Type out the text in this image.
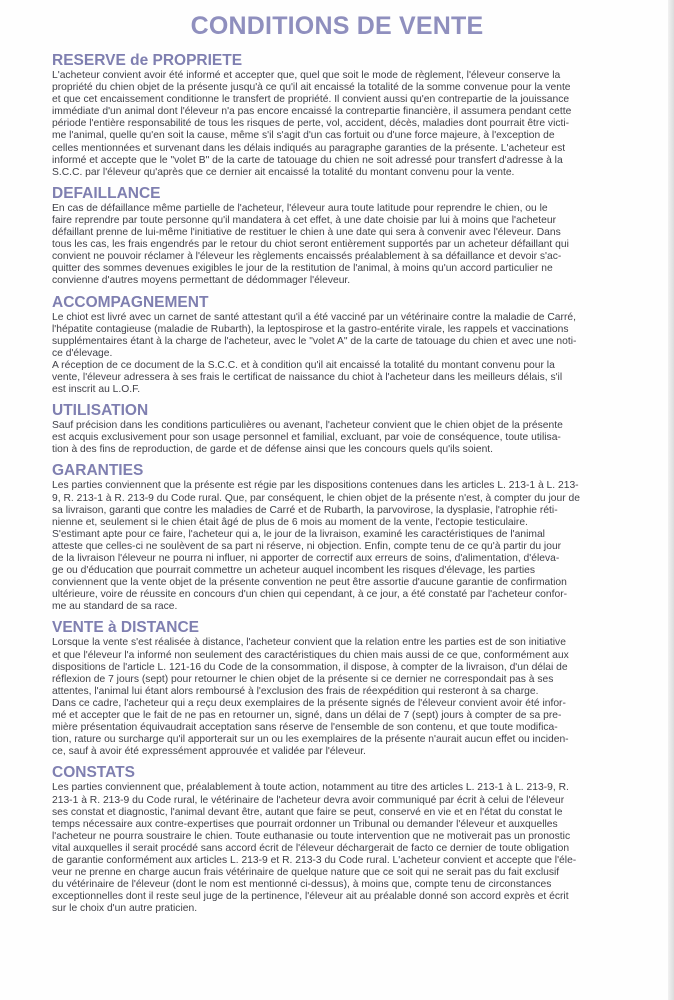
CONDITIONS DE VENTE
RESERVE de PROPRIETE
L'acheteur convient avoir été informé et accepter que, quel que soit le mode de règlement, l'éleveur conserve la
propriété du chien objet de la présente jusqu'à ce qu'il ait encaissé la totalité de la somme convenue pour la vente
et que cet encaissement conditionne le transfert de propriété. Il convient aussi qu'en contrepartie de la jouissance
immédiate d'un animal dont l'éleveur n'a pas encore encaissé la contrepartie financière, il assumera pendant cette
période l'entière responsabilité de tous les risques de perte, vol, accident, décès, maladies dont pourrait être victi-
me l'animal, quelle qu'en soit la cause, même s'il s'agit d'un cas fortuit ou d'une force majeure, à l'exception de
celles mentionnées et survenant dans les délais indiqués au paragraphe garanties de la présente. L'acheteur est
informé et accepte que le "volet B" de la carte de tatouage du chien ne soit adressé pour transfert d'adresse à la
S.C.C. par l'éleveur qu'après que ce dernier ait encaissé la totalité du montant convenu pour la vente.
DEFAILLANCE
En cas de défaillance même partielle de l'acheteur, l'éleveur aura toute latitude pour reprendre le chien, ou le
faire reprendre par toute personne qu'il mandatera à cet effet, à une date choisie par lui à moins que l'acheteur
défaillant prenne de lui-même l'initiative de restituer le chien à une date qui sera à convenir avec l'éleveur. Dans
tous les cas, les frais engendrés par le retour du chiot seront entièrement supportés par un acheteur défaillant qui
convient ne pouvoir réclamer à l'éleveur les règlements encaissés préalablement à sa défaillance et devoir s'ac-
quitter des sommes devenues exigibles le jour de la restitution de l'animal, à moins qu'un accord particulier ne
convienne d'autres moyens permettant de dédommager l'éleveur.
ACCOMPAGNEMENT
Le chiot est livré avec un carnet de santé attestant qu'il a été vacciné par un vétérinaire contre la maladie de Carré,
l'hépatite contagieuse (maladie de Rubarth), la leptospirose et la gastro-entérite virale, les rappels et vaccinations
supplémentaires étant à la charge de l'acheteur, avec le "volet A" de la carte de tatouage du chien et avec une noti-
ce d'élevage.
A réception de ce document de la S.C.C. et à condition qu'il ait encaissé la totalité du montant convenu pour la
vente, l'éleveur adressera à ses frais le certificat de naissance du chiot à l'acheteur dans les meilleurs délais, s'il
est inscrit au L.O.F.
UTILISATION
Sauf précision dans les conditions particulières ou avenant, l'acheteur convient que le chien objet de la présente
est acquis exclusivement pour son usage personnel et familial, excluant, par voie de conséquence, toute utilisa-
tion à des fins de reproduction, de garde et de défense ainsi que les concours quels qu'ils soient.
GARANTIES
Les parties conviennent que la présente est régie par les dispositions contenues dans les articles L. 213-1 à L. 213-
9, R. 213-1 à R. 213-9 du Code rural. Que, par conséquent, le chien objet de la présente n'est, à compter du jour de
sa livraison, garanti que contre les maladies de Carré et de Rubarth, la parvovirose, la dysplasie, l'atrophie réti-
nienne et, seulement si le chien était âgé de plus de 6 mois au moment de la vente, l'ectopie testiculaire.
S'estimant apte pour ce faire, l'acheteur qui a, le jour de la livraison, examiné les caractéristiques de l'animal
atteste que celles-ci ne soulèvent de sa part ni réserve, ni objection. Enfin, compte tenu de ce qu'à partir du jour
de la livraison l'éleveur ne pourra ni influer, ni apporter de correctif aux erreurs de soins, d'alimentation, d'éleva-
ge ou d'éducation que pourrait commettre un acheteur auquel incombent les risques d'élevage, les parties
conviennent que la vente objet de la présente convention ne peut être assortie d'aucune garantie de confirmation
ultérieure, voire de réussite en concours d'un chien qui cependant, à ce jour, a été constaté par l'acheteur confor-
me au standard de sa race.
VENTE à DISTANCE
Lorsque la vente s'est réalisée à distance, l'acheteur convient que la relation entre les parties est de son initiative
et que l'éleveur l'a informé non seulement des caractéristiques du chien mais aussi de ce que, conformément aux
dispositions de l'article L. 121-16 du Code de la consommation, il dispose, à compter de la livraison, d'un délai de
réflexion de 7 jours (sept) pour retourner le chien objet de la présente si ce dernier ne correspondait pas à ses
attentes, l'animal lui étant alors remboursé à l'exclusion des frais de réexpédition qui resteront à sa charge.
Dans ce cadre, l'acheteur qui a reçu deux exemplaires de la présente signés de l'éleveur convient avoir été infor-
mé et accepter que le fait de ne pas en retourner un, signé, dans un délai de 7 (sept) jours à compter de sa pre-
mière présentation équivaudrait acceptation sans réserve de l'ensemble de son contenu, et que toute modifica-
tion, rature ou surcharge qu'il apporterait sur un ou les exemplaires de la présente n'aurait aucun effet ou inciden-
ce, sauf à avoir été expressément approuvée et validée par l'éleveur.
CONSTATS
Les parties conviennent que, préalablement à toute action, notamment au titre des articles L. 213-1 à L. 213-9, R.
213-1 à R. 213-9 du Code rural, le vétérinaire de l'acheteur devra avoir communiqué par écrit à celui de l'éleveur
ses constat et diagnostic, l'animal devant être, autant que faire se peut, conservé en vie et en l'état du constat le
temps nécessaire aux contre-expertises que pourrait ordonner un Tribunal ou demander l'éleveur et auxquelles
l'acheteur ne pourra soustraire le chien. Toute euthanasie ou toute intervention que ne motiverait pas un pronostic
vital auxquelles il serait procédé sans accord écrit de l'éleveur déchargerait de facto ce dernier de toute obligation
de garantie conformément aux articles L. 213-9 et R. 213-3 du Code rural. L'acheteur convient et accepte que l'éle-
veur ne prenne en charge aucun frais vétérinaire de quelque nature que ce soit qui ne serait pas du fait exclusif
du vétérinaire de l'éleveur (dont le nom est mentionné ci-dessus), à moins que, compte tenu de circonstances
exceptionnelles dont il reste seul juge de la pertinence, l'éleveur ait au préalable donné son accord exprès et écrit
sur le choix d'un autre praticien.
